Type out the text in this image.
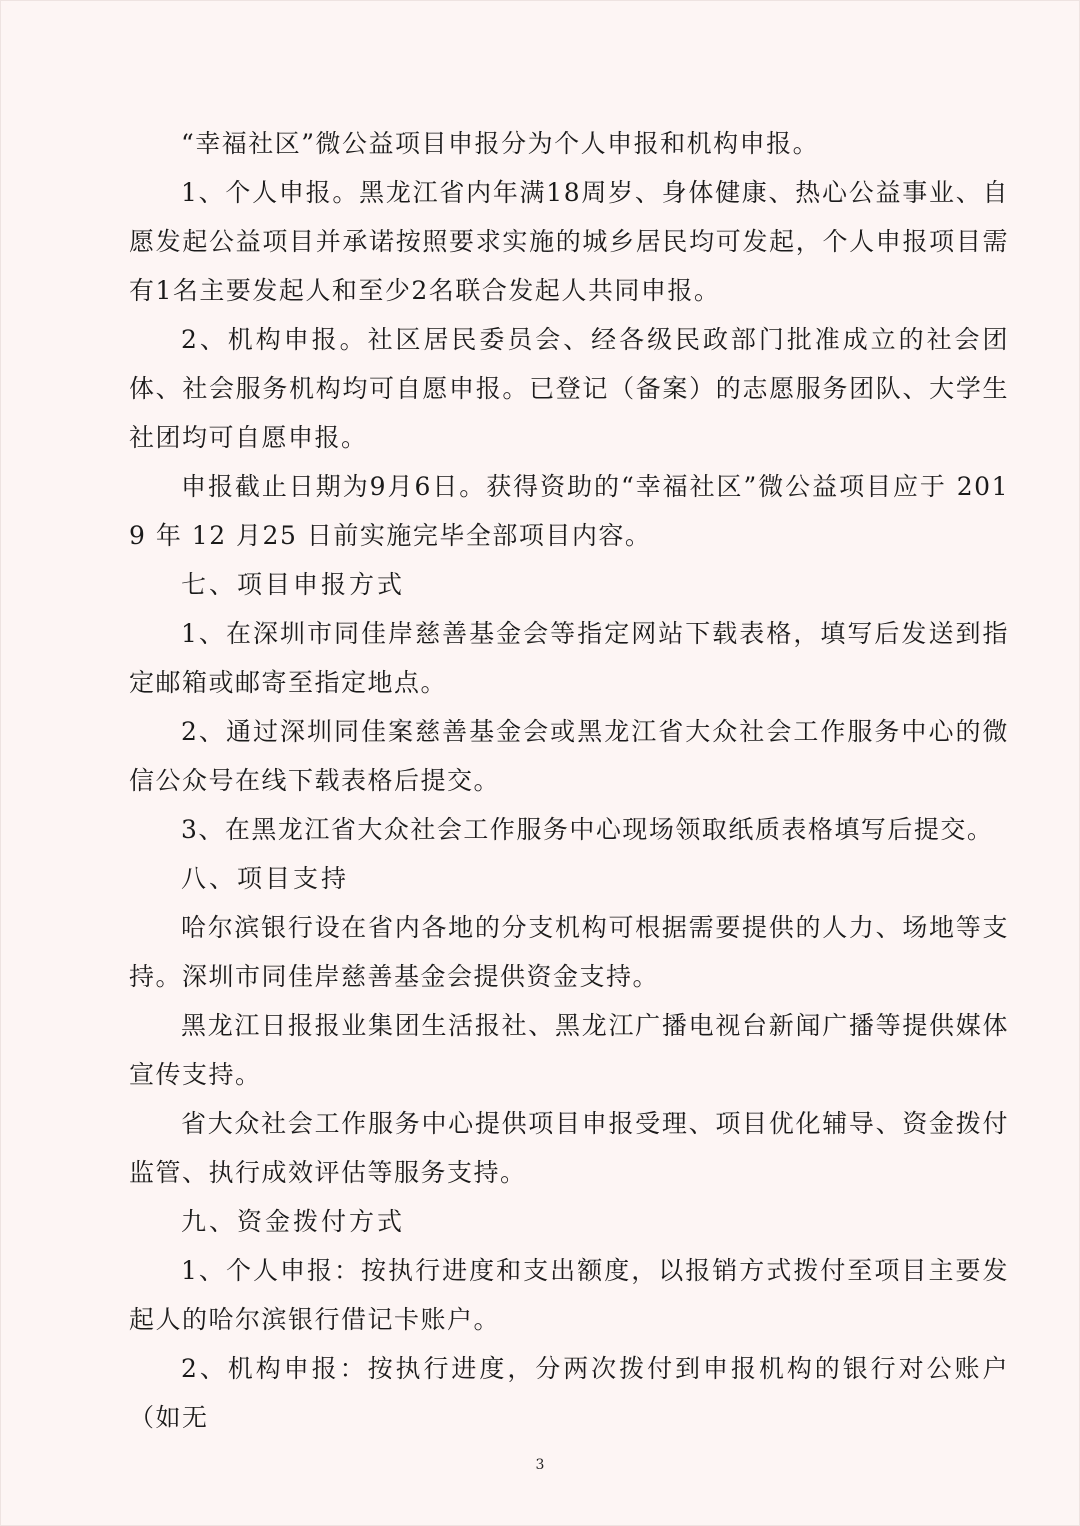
“幸福社区”微公益项目申报分为个人申报和机构申报。

1、个人申报。黑龙江省内年满18周岁、身体健康、热心公益事业、自愿发起公益项目并承诺按照要求实施的城乡居民均可发起，个人申报项目需有1名主要发起人和至少2名联合发起人共同申报。

2、机构申报。社区居民委员会、经各级民政部门批准成立的社会团体、社会服务机构均可自愿申报。已登记（备案）的志愿服务团队、大学生社团均可自愿申报。

申报截止日期为9月6日。获得资助的“幸福社区”微公益项目应于 2019 年 12 月25 日前实施完毕全部项目内容。

七、项目申报方式

1、在深圳市同佳岸慈善基金会等指定网站下载表格，填写后发送到指定邮箱或邮寄至指定地点。

2、通过深圳同佳案慈善基金会或黑龙江省大众社会工作服务中心的微信公众号在线下载表格后提交。

3、在黑龙江省大众社会工作服务中心现场领取纸质表格填写后提交。

八、项目支持

哈尔滨银行设在省内各地的分支机构可根据需要提供的人力、场地等支持。深圳市同佳岸慈善基金会提供资金支持。

黑龙江日报报业集团生活报社、黑龙江广播电视台新闻广播等提供媒体宣传支持。

省大众社会工作服务中心提供项目申报受理、项目优化辅导、资金拨付监管、执行成效评估等服务支持。

九、资金拨付方式

1、个人申报：按执行进度和支出额度，以报销方式拨付至项目主要发起人的哈尔滨银行借记卡账户。

2、机构申报：按执行进度，分两次拨付到申报机构的银行对公账户（如无

3
